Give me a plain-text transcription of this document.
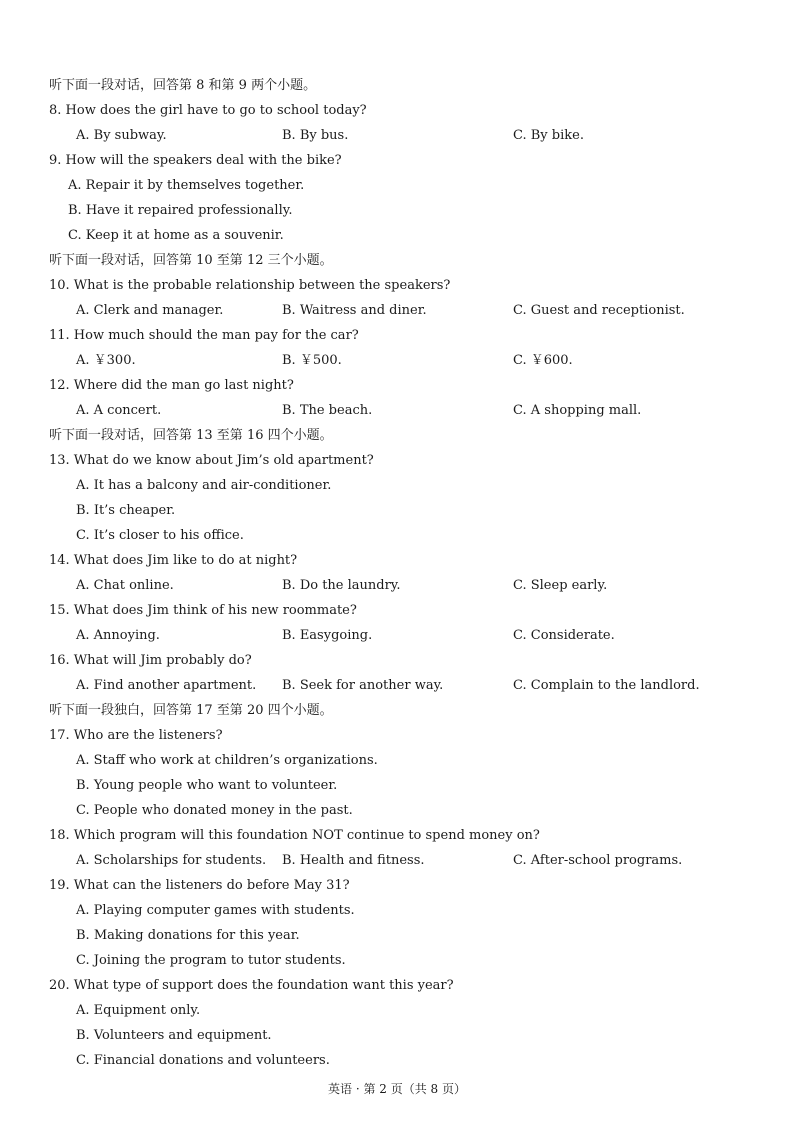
听下面一段对话，回答第 8 和第 9 两个小题。
8. How does the girl have to go to school today?
A. By subway.	B. By bus.	C. By bike.
9. How will the speakers deal with the bike?
A. Repair it by themselves together.
B. Have it repaired professionally.
C. Keep it at home as a souvenir.
听下面一段对话，回答第 10 至第 12 三个小题。
10. What is the probable relationship between the speakers?
A. Clerk and manager.	B. Waitress and diner.	C. Guest and receptionist.
11. How much should the man pay for the car?
A. ￥300.	B. ￥500.	C. ￥600.
12. Where did the man go last night?
A. A concert.	B. The beach.	C. A shopping mall.
听下面一段对话，回答第 13 至第 16 四个小题。
13. What do we know about Jim’s old apartment?
A. It has a balcony and air-conditioner.
B. It’s cheaper.
C. It’s closer to his office.
14. What does Jim like to do at night?
A. Chat online.	B. Do the laundry.	C. Sleep early.
15. What does Jim think of his new roommate?
A. Annoying.	B. Easygoing.	C. Considerate.
16. What will Jim probably do?
A. Find another apartment. B. Seek for another way.	C. Complain to the landlord.
听下面一段独白，回答第 17 至第 20 四个小题。
17. Who are the listeners?
A. Staff who work at children’s organizations.
B. Young people who want to volunteer.
C. People who donated money in the past.
18. Which program will this foundation NOT continue to spend money on?
A. Scholarships for students. B. Health and fitness.	C. After-school programs.
19. What can the listeners do before May 31?
A. Playing computer games with students.
B. Making donations for this year.
C. Joining the program to tutor students.
20. What type of support does the foundation want this year?
A. Equipment only.
B. Volunteers and equipment.
C. Financial donations and volunteers.
英语 · 第 2 页（共 8 页）
